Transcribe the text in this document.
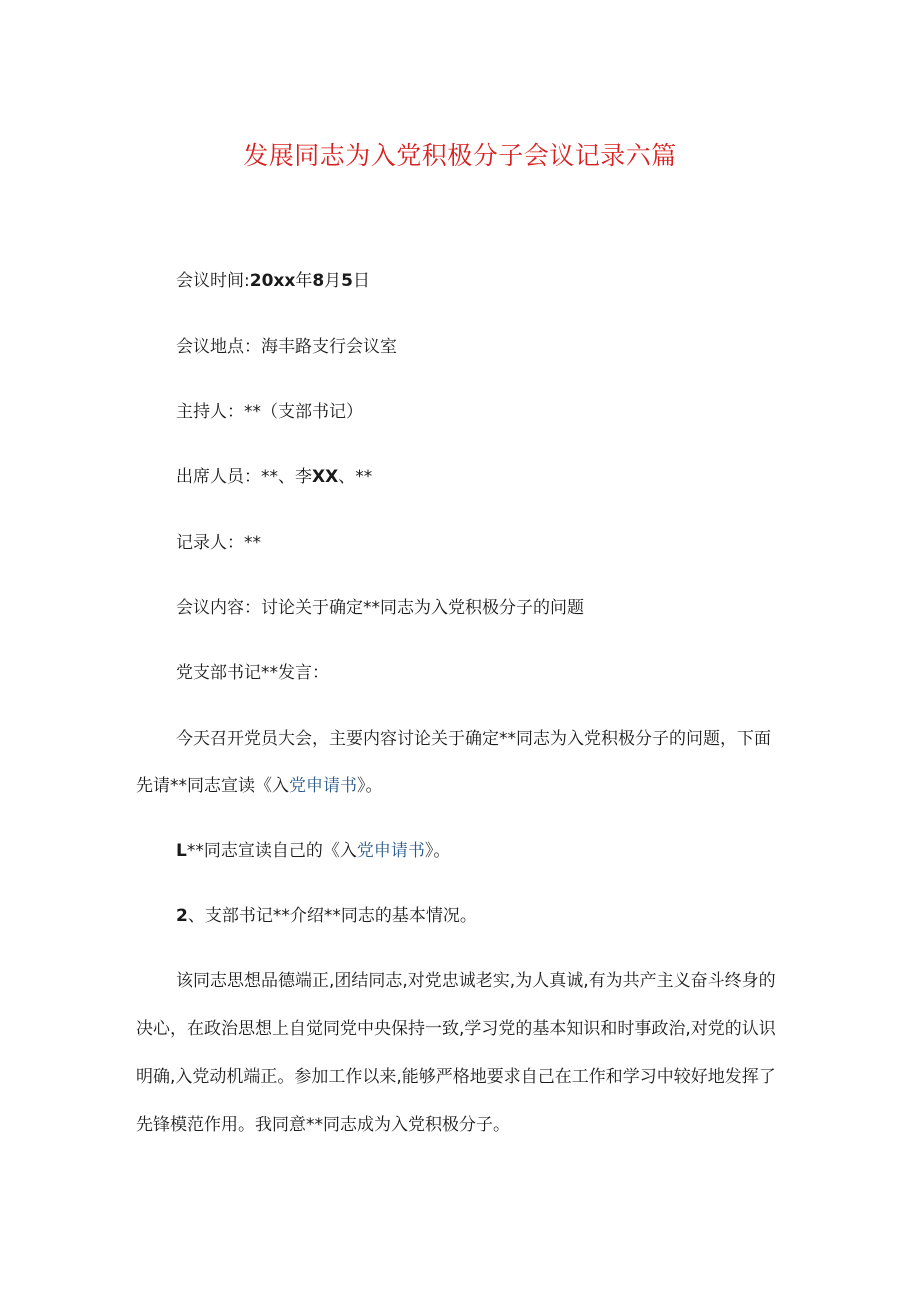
发展同志为入党积极分子会议记录六篇
会议时间:20xx年8月5日
会议地点：海丰路支行会议室
主持人：**（支部书记）
出席人员：**、李XX、**
记录人：**
会议内容：讨论关于确定**同志为入党积极分子的问题
党支部书记**发言：
今天召开党员大会，主要内容讨论关于确定**同志为入党积极分子的问题，下面
先请**同志宣读《入党申请书》。
L**同志宣读自己的《入党申请书》。
2、支部书记**介绍**同志的基本情况。
该同志思想品德端正,团结同志,对党忠诚老实,为人真诚,有为共产主义奋斗终身的
决心，在政治思想上自觉同党中央保持一致,学习党的基本知识和时事政治,对党的认识
明确,入党动机端正。参加工作以来,能够严格地要求自己在工作和学习中较好地发挥了
先锋模范作用。我同意**同志成为入党积极分子。
